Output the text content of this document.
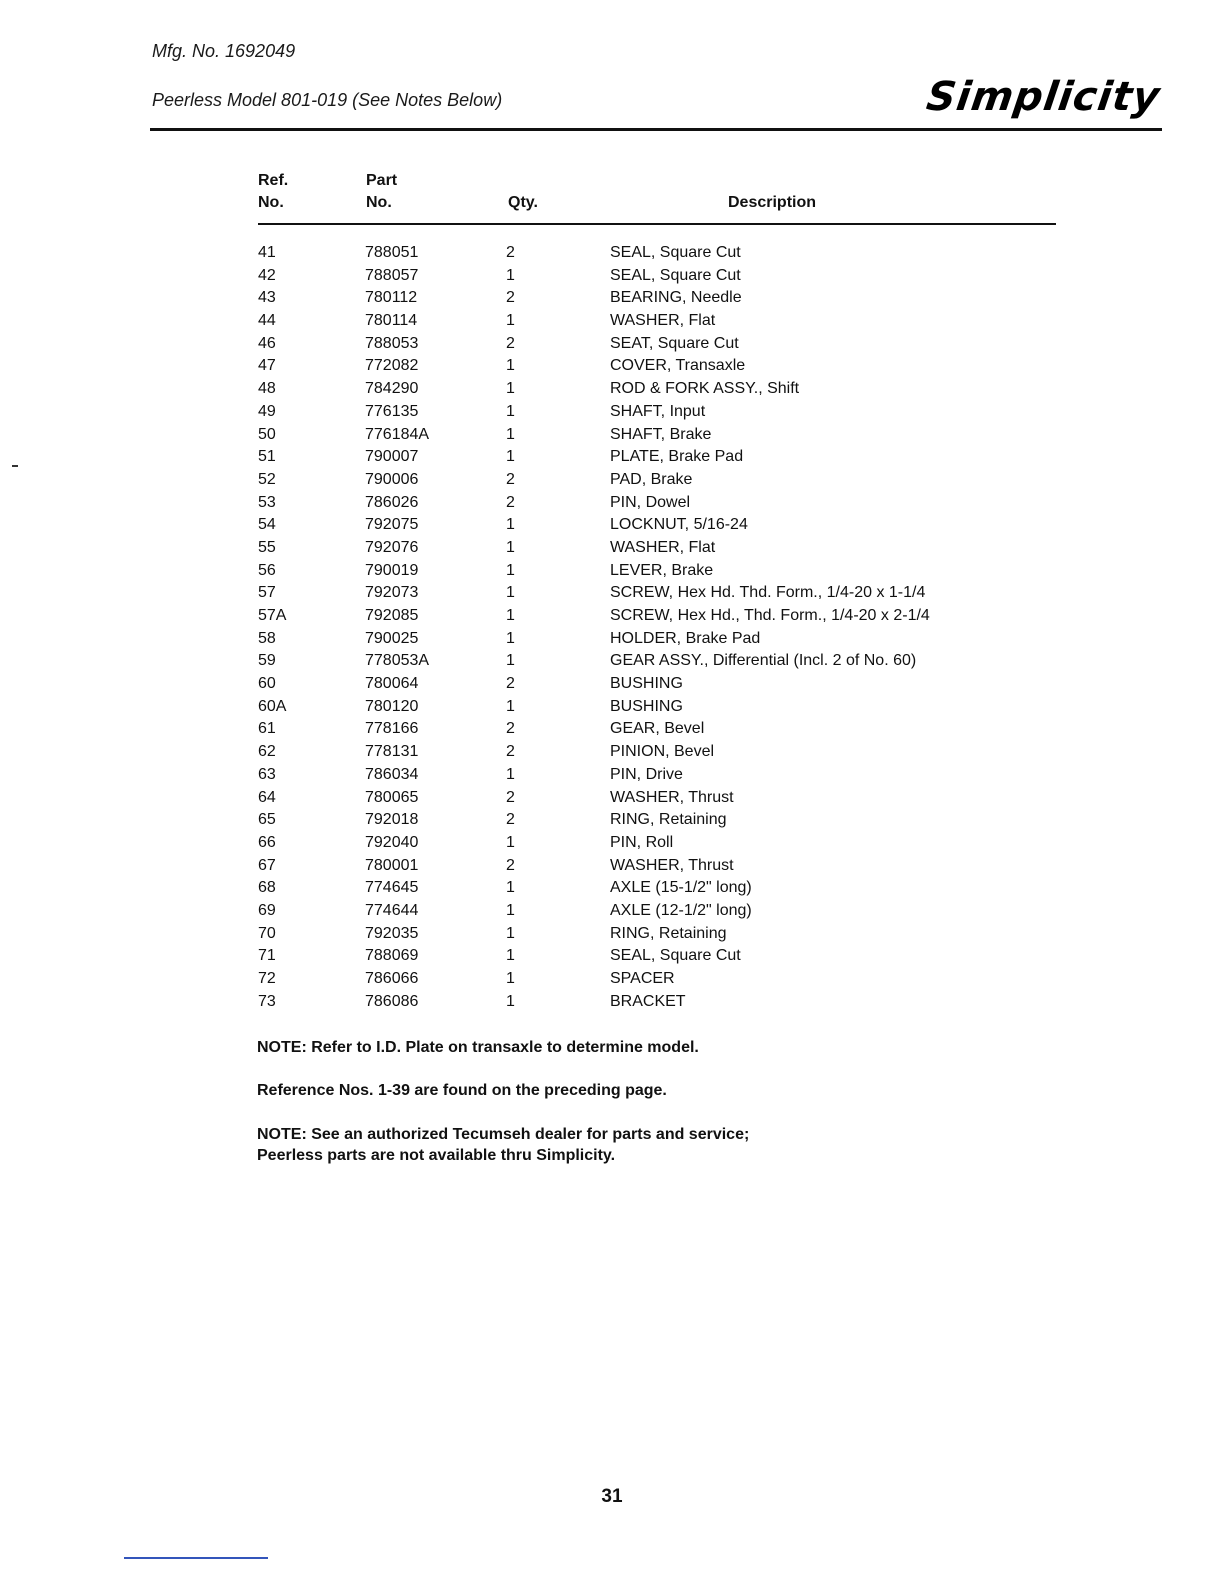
Mfg. No. 1692049
Peerless Model 801-019 (See Notes Below)	Simplicity
Ref.
No.
Part
No.	Qty.	Description
41	788051	2	SEAL, Square Cut
42	788057	1	SEAL, Square Cut
43	780112	2	BEARING, Needle
44	780114	1	WASHER, Flat
46	788053	2	SEAT, Square Cut
47	772082	1	COVER, Transaxle
48	784290	1	ROD & FORK ASSY., Shift
49	776135	1	SHAFT, Input
50	776184A	1	SHAFT, Brake
51	790007	1	PLATE, Brake Pad
52	790006	2	PAD, Brake
53	786026	2	PIN, Dowel
54	792075	1	LOCKNUT, 5/16-24
55	792076	1	WASHER, Flat
56	790019	1	LEVER, Brake
57	792073	1	SCREW, Hex Hd. Thd. Form., 1/4-20 x 1-1/4
57A	792085	1	SCREW, Hex Hd., Thd. Form., 1/4-20 x 2-1/4
58	790025	1	HOLDER, Brake Pad
59	778053A	1	GEAR ASSY., Differential (Incl. 2 of No. 60)
60	780064	2	BUSHING
60A	780120	1	BUSHING
61	778166	2	GEAR, Bevel
62	778131	2	PINION, Bevel
63	786034	1	PIN, Drive
64	780065	2	WASHER, Thrust
65	792018	2	RING, Retaining
66	792040	1	PIN, Roll
67	780001	2	WASHER, Thrust
68	774645	1	AXLE (15-1/2" long)
69	774644	1	AXLE (12-1/2" long)
70	792035	1	RING, Retaining
71	788069	1	SEAL, Square Cut
72	786066	1	SPACER
73	786086	1	BRACKET
NOTE: Refer to I.D. Plate on transaxle to determine model.
Reference Nos. 1-39 are found on the preceding page.
NOTE: See an authorized Tecumseh dealer for parts and service; Peerless parts are not available thru Simplicity.
31
